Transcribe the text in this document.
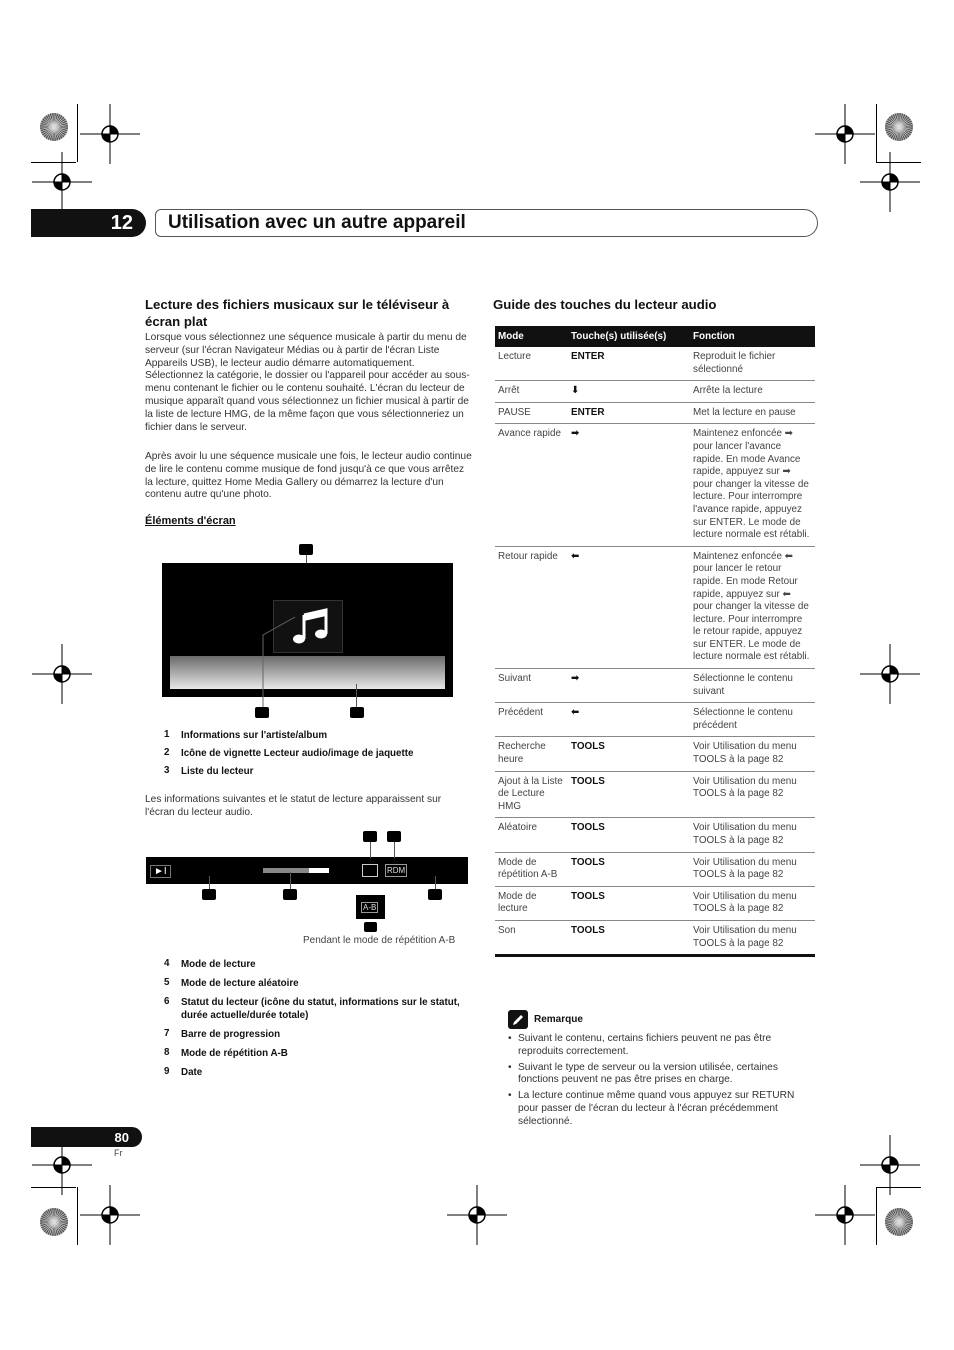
12 Utilisation avec un autre appareil
Lecture des fichiers musicaux sur le téléviseur à écran plat
Lorsque vous sélectionnez une séquence musicale à partir du menu de serveur (sur l'écran Navigateur Médias ou à partir de l'écran Liste Appareils USB), le lecteur audio démarre automatiquement. Sélectionnez la catégorie, le dossier ou l'appareil pour accéder au sous-menu contenant le fichier ou le contenu souhaité. L'écran du lecteur de musique apparaît quand vous sélectionnez un fichier musical à partir de la liste de lecture HMG, de la même façon que vous sélectionneriez un fichier dans le serveur.
Après avoir lu une séquence musicale une fois, le lecteur audio continue de lire le contenu comme musique de fond jusqu'à ce que vous arrêtez la lecture, quittez Home Media Gallery ou démarrez la lecture d'un contenu autre qu'une photo.
Éléments d'écran
1 Informations sur l'artiste/album
2 Icône de vignette Lecteur audio/image de jaquette
3 Liste du lecteur
Les informations suivantes et le statut de lecture apparaissent sur l'écran du lecteur audio.
►I	RDM
A-B
Pendant le mode de répétition A-B
4 Mode de lecture
5 Mode de lecture aléatoire
6 Statut du lecteur (icône du statut, informations sur le statut, durée actuelle/durée totale)
7 Barre de progression
8 Mode de répétition A-B
9 Date
Guide des touches du lecteur audio
Mode	Touche(s) utilisée(s)	Fonction
Lecture	ENTER	Reproduit le fichier sélectionné
Arrêt	⬇	Arrête la lecture
PAUSE	ENTER	Met la lecture en pause
Avance rapide	➡	Maintenez enfoncée ➡ pour lancer l'avance rapide. En mode Avance rapide, appuyez sur ➡ pour changer la vitesse de lecture. Pour interrompre l'avance rapide, appuyez sur ENTER. Le mode de lecture normale est rétabli.
Retour rapide	⬅	Maintenez enfoncée ⬅ pour lancer le retour rapide. En mode Retour rapide, appuyez sur ⬅ pour changer la vitesse de lecture. Pour interrompre le retour rapide, appuyez sur ENTER. Le mode de lecture normale est rétabli.
Suivant	➡	Sélectionne le contenu suivant
Précédent	⬅	Sélectionne le contenu précédent
Recherche heure	TOOLS	Voir Utilisation du menu TOOLS à la page 82
Ajout à la Liste de Lecture HMG	TOOLS	Voir Utilisation du menu TOOLS à la page 82
Aléatoire	TOOLS	Voir Utilisation du menu TOOLS à la page 82
Mode de répétition A-B	TOOLS	Voir Utilisation du menu TOOLS à la page 82
Mode de lecture	TOOLS	Voir Utilisation du menu TOOLS à la page 82
Son	TOOLS	Voir Utilisation du menu TOOLS à la page 82
Remarque
• Suivant le contenu, certains fichiers peuvent ne pas être reproduits correctement.
• Suivant le type de serveur ou la version utilisée, certaines fonctions peuvent ne pas être prises en charge.
• La lecture continue même quand vous appuyez sur RETURN pour passer de l'écran du lecteur à l'écran précédemment sélectionné.
80
Fr
